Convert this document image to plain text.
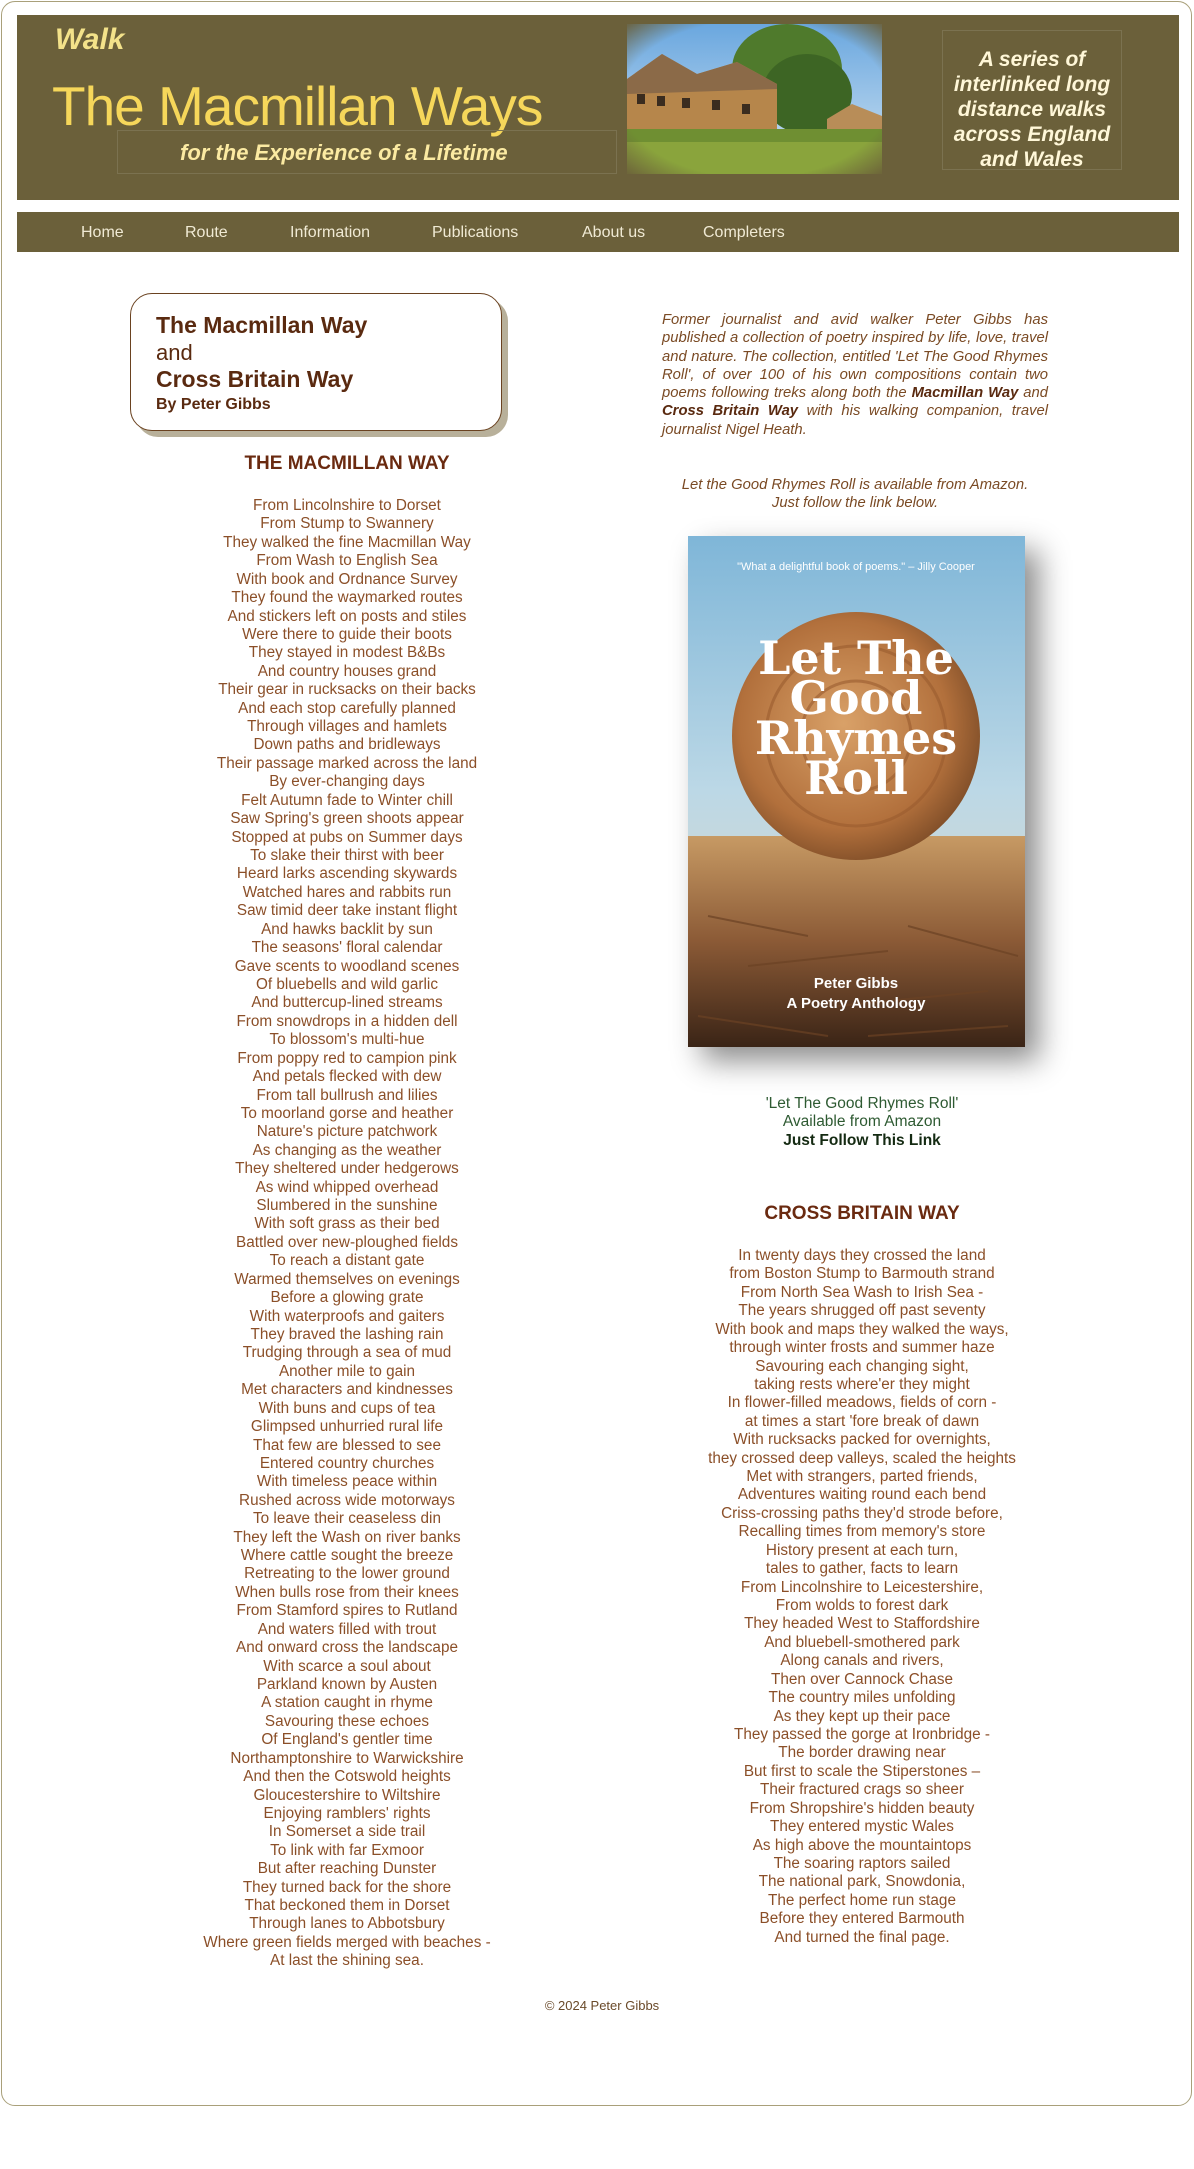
Walk
The Macmillan Ways
for the Experience of a Lifetime
A series of
interlinked long
distance walks
across England
and Wales
Home	Route	Information	Publications	About us	Completers
The Macmillan Way
and
Cross Britain Way
By Peter Gibbs
THE MACMILLAN WAY
From Lincolnshire to Dorset
From Stump to Swannery
They walked the fine Macmillan Way
From Wash to English Sea
With book and Ordnance Survey
They found the waymarked routes
And stickers left on posts and stiles
Were there to guide their boots
They stayed in modest B&Bs
And country houses grand
Their gear in rucksacks on their backs
And each stop carefully planned
Through villages and hamlets
Down paths and bridleways
Their passage marked across the land
By ever-changing days
Felt Autumn fade to Winter chill
Saw Spring's green shoots appear
Stopped at pubs on Summer days
To slake their thirst with beer
Heard larks ascending skywards
Watched hares and rabbits run
Saw timid deer take instant flight
And hawks backlit by sun
The seasons' floral calendar
Gave scents to woodland scenes
Of bluebells and wild garlic
And buttercup-lined streams
From snowdrops in a hidden dell
To blossom's multi-hue
From poppy red to campion pink
And petals flecked with dew
From tall bullrush and lilies
To moorland gorse and heather
Nature's picture patchwork
As changing as the weather
They sheltered under hedgerows
As wind whipped overhead
Slumbered in the sunshine
With soft grass as their bed
Battled over new-ploughed fields
To reach a distant gate
Warmed themselves on evenings
Before a glowing grate
With waterproofs and gaiters
They braved the lashing rain
Trudging through a sea of mud
Another mile to gain
Met characters and kindnesses
With buns and cups of tea
Glimpsed unhurried rural life
That few are blessed to see
Entered country churches
With timeless peace within
Rushed across wide motorways
To leave their ceaseless din
They left the Wash on river banks
Where cattle sought the breeze
Retreating to the lower ground
When bulls rose from their knees
From Stamford spires to Rutland
And waters filled with trout
And onward cross the landscape
With scarce a soul about
Parkland known by Austen
A station caught in rhyme
Savouring these echoes
Of England's gentler time
Northamptonshire to Warwickshire
And then the Cotswold heights
Gloucestershire to Wiltshire
Enjoying ramblers' rights
In Somerset a side trail
To link with far Exmoor
But after reaching Dunster
They turned back for the shore
That beckoned them in Dorset
Through lanes to Abbotsbury
Where green fields merged with beaches -
At last the shining sea.
Former journalist and avid walker Peter Gibbs has published a collection of poetry inspired by life, love, travel and nature. The collection, entitled 'Let The Good Rhymes Roll', of over 100 of his own compositions contain two poems following treks along both the Macmillan Way and Cross Britain Way with his walking companion, travel journalist Nigel Heath.
Let the Good Rhymes Roll is available from Amazon.
Just follow the link below.
"What a delightful book of poems." – Jilly Cooper
Let The
Good
Rhymes
Roll
Peter Gibbs
A Poetry Anthology
'Let The Good Rhymes Roll'
Available from Amazon
Just Follow This Link
CROSS BRITAIN WAY
In twenty days they crossed the land
from Boston Stump to Barmouth strand
From North Sea Wash to Irish Sea -
The years shrugged off past seventy
With book and maps they walked the ways,
through winter frosts and summer haze
Savouring each changing sight,
taking rests where'er they might
In flower-filled meadows, fields of corn -
at times a start 'fore break of dawn
With rucksacks packed for overnights,
they crossed deep valleys, scaled the heights
Met with strangers, parted friends,
Adventures waiting round each bend
Criss-crossing paths they'd strode before,
Recalling times from memory's store
History present at each turn,
tales to gather, facts to learn
From Lincolnshire to Leicestershire,
From wolds to forest dark
They headed West to Staffordshire
And bluebell-smothered park
Along canals and rivers,
Then over Cannock Chase
The country miles unfolding
As they kept up their pace
They passed the gorge at Ironbridge -
The border drawing near
But first to scale the Stiperstones –
Their fractured crags so sheer
From Shropshire's hidden beauty
They entered mystic Wales
As high above the mountaintops
The soaring raptors sailed
The national park, Snowdonia,
The perfect home run stage
Before they entered Barmouth
And turned the final page.
© 2024 Peter Gibbs
